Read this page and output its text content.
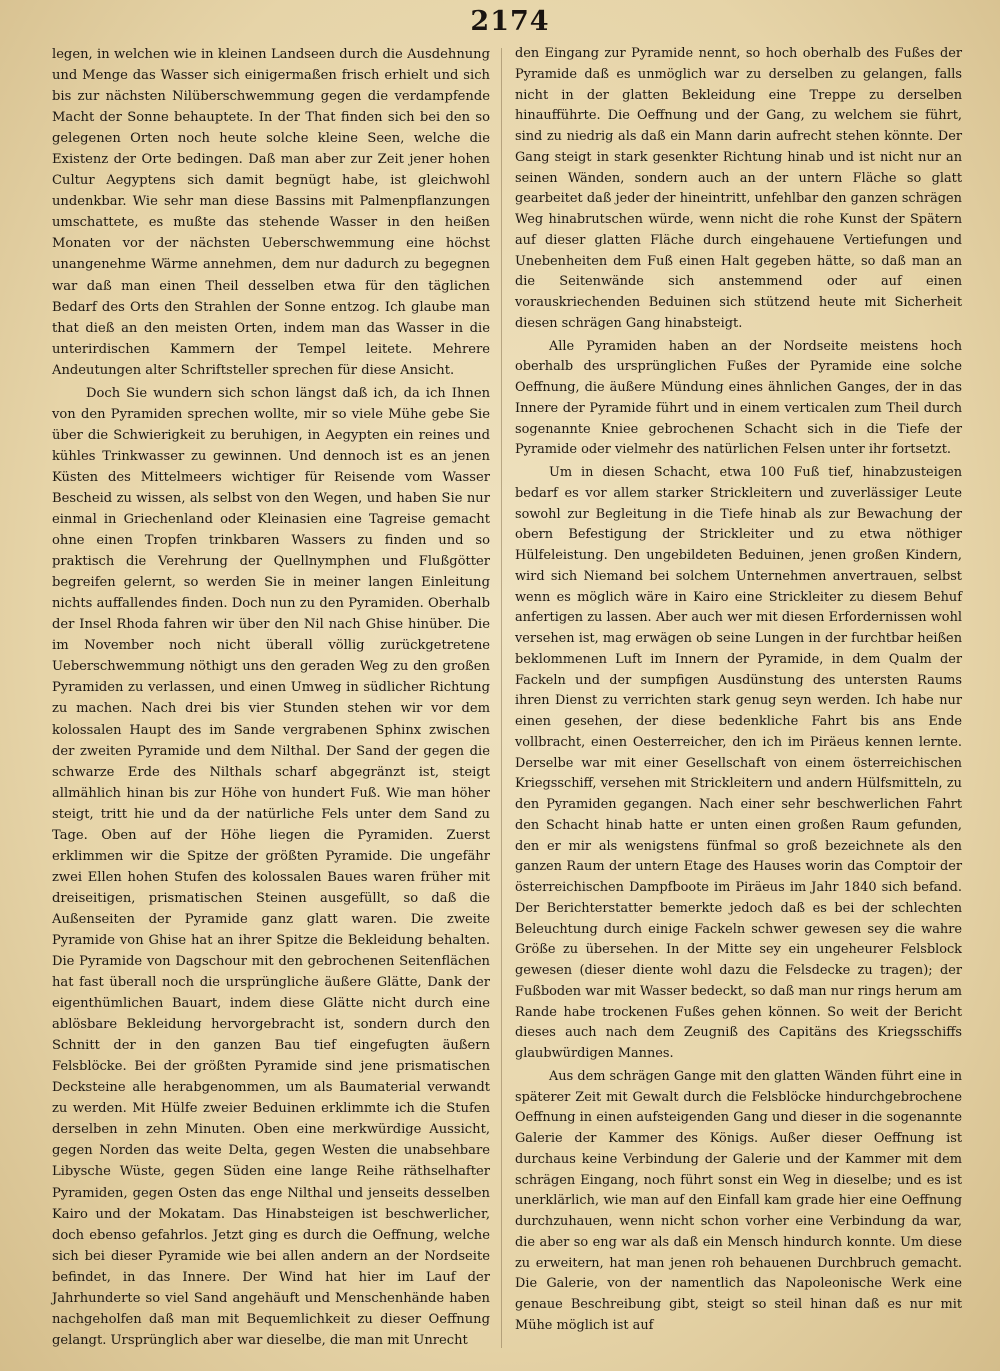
2174

legen, in welchen wie in kleinen Landseen durch die Ausdehnung und Menge das Wasser sich einigermaßen frisch erhielt und sich bis zur nächsten Nilüberschwemmung gegen die verdampfende Macht der Sonne behauptete. In der That finden sich bei den so gelegenen Orten noch heute solche kleine Seen, welche die Existenz der Orte bedingen. Daß man aber zur Zeit jener hohen Cultur Aegyptens sich damit begnügt habe, ist gleichwohl undenkbar. Wie sehr man diese Bassins mit Palmenpflanzungen umschattete, es mußte das stehende Wasser in den heißen Monaten vor der nächsten Ueberschwemmung eine höchst unangenehme Wärme annehmen, dem nur dadurch zu begegnen war daß man einen Theil desselben etwa für den täglichen Bedarf des Orts den Strahlen der Sonne entzog. Ich glaube man that dieß an den meisten Orten, indem man das Wasser in die unterirdischen Kammern der Tempel leitete. Mehrere Andeutungen alter Schriftsteller sprechen für diese Ansicht.

Doch Sie wundern sich schon längst daß ich, da ich Ihnen von den Pyramiden sprechen wollte, mir so viele Mühe gebe Sie über die Schwierigkeit zu beruhigen, in Aegypten ein reines und kühles Trinkwasser zu gewinnen. Und dennoch ist es an jenen Küsten des Mittelmeers wichtiger für Reisende vom Wasser Bescheid zu wissen, als selbst von den Wegen, und haben Sie nur einmal in Griechenland oder Kleinasien eine Tagreise gemacht ohne einen Tropfen trinkbaren Wassers zu finden und so praktisch die Verehrung der Quellnymphen und Flußgötter begreifen gelernt, so werden Sie in meiner langen Einleitung nichts auffallendes finden. Doch nun zu den Pyramiden. Oberhalb der Insel Rhoda fahren wir über den Nil nach Ghise hinüber. Die im November noch nicht überall völlig zurückgetretene Ueberschwemmung nöthigt uns den geraden Weg zu den großen Pyramiden zu verlassen, und einen Umweg in südlicher Richtung zu machen. Nach drei bis vier Stunden stehen wir vor dem kolossalen Haupt des im Sande vergrabenen Sphinx zwischen der zweiten Pyramide und dem Nilthal. Der Sand der gegen die schwarze Erde des Nilthals scharf abgegränzt ist, steigt allmählich hinan bis zur Höhe von hundert Fuß. Wie man höher steigt, tritt hie und da der natürliche Fels unter dem Sand zu Tage. Oben auf der Höhe liegen die Pyramiden. Zuerst erklimmen wir die Spitze der größten Pyramide. Die ungefähr zwei Ellen hohen Stufen des kolossalen Baues waren früher mit dreiseitigen, prismatischen Steinen ausgefüllt, so daß die Außenseiten der Pyramide ganz glatt waren. Die zweite Pyramide von Ghise hat an ihrer Spitze die Bekleidung behalten. Die Pyramide von Dagschour mit den gebrochenen Seitenflächen hat fast überall noch die ursprüngliche äußere Glätte, Dank der eigenthümlichen Bauart, indem diese Glätte nicht durch eine ablösbare Bekleidung hervorgebracht ist, sondern durch den Schnitt der in den ganzen Bau tief eingefugten äußern Felsblöcke. Bei der größten Pyramide sind jene prismatischen Decksteine alle herabgenommen, um als Baumaterial verwandt zu werden. Mit Hülfe zweier Beduinen erklimmte ich die Stufen derselben in zehn Minuten. Oben eine merkwürdige Aussicht, gegen Norden das weite Delta, gegen Westen die unabsehbare Libysche Wüste, gegen Süden eine lange Reihe räthselhafter Pyramiden, gegen Osten das enge Nilthal und jenseits desselben Kairo und der Mokatam. Das Hinabsteigen ist beschwerlicher, doch ebenso gefahrlos. Jetzt ging es durch die Oeffnung, welche sich bei dieser Pyramide wie bei allen andern an der Nordseite befindet, in das Innere. Der Wind hat hier im Lauf der Jahrhunderte so viel Sand angehäuft und Menschenhände haben nachgeholfen daß man mit Bequemlichkeit zu dieser Oeffnung gelangt. Ursprünglich aber war dieselbe, die man mit Unrecht

den Eingang zur Pyramide nennt, so hoch oberhalb des Fußes der Pyramide daß es unmöglich war zu derselben zu gelangen, falls nicht in der glatten Bekleidung eine Treppe zu derselben hinaufführte. Die Oeffnung und der Gang, zu welchem sie führt, sind zu niedrig als daß ein Mann darin aufrecht stehen könnte. Der Gang steigt in stark gesenkter Richtung hinab und ist nicht nur an seinen Wänden, sondern auch an der untern Fläche so glatt gearbeitet daß jeder der hineintritt, unfehlbar den ganzen schrägen Weg hinabrutschen würde, wenn nicht die rohe Kunst der Spätern auf dieser glatten Fläche durch eingehauene Vertiefungen und Unebenheiten dem Fuß einen Halt gegeben hätte, so daß man an die Seitenwände sich anstemmend oder auf einen vorauskriechenden Beduinen sich stützend heute mit Sicherheit diesen schrägen Gang hinabsteigt.

Alle Pyramiden haben an der Nordseite meistens hoch oberhalb des ursprünglichen Fußes der Pyramide eine solche Oeffnung, die äußere Mündung eines ähnlichen Ganges, der in das Innere der Pyramide führt und in einem verticalen zum Theil durch sogenannte Kniee gebrochenen Schacht sich in die Tiefe der Pyramide oder vielmehr des natürlichen Felsen unter ihr fortsetzt.

Um in diesen Schacht, etwa 100 Fuß tief, hinabzusteigen bedarf es vor allem starker Strickleitern und zuverlässiger Leute sowohl zur Begleitung in die Tiefe hinab als zur Bewachung der obern Befestigung der Strickleiter und zu etwa nöthiger Hülfeleistung. Den ungebildeten Beduinen, jenen großen Kindern, wird sich Niemand bei solchem Unternehmen anvertrauen, selbst wenn es möglich wäre in Kairo eine Strickleiter zu diesem Behuf anfertigen zu lassen. Aber auch wer mit diesen Erfordernissen wohl versehen ist, mag erwägen ob seine Lungen in der furchtbar heißen beklommenen Luft im Innern der Pyramide, in dem Qualm der Fackeln und der sumpfigen Ausdünstung des untersten Raums ihren Dienst zu verrichten stark genug seyn werden. Ich habe nur einen gesehen, der diese bedenkliche Fahrt bis ans Ende vollbracht, einen Oesterreicher, den ich im Piräeus kennen lernte. Derselbe war mit einer Gesellschaft von einem österreichischen Kriegsschiff, versehen mit Strickleitern und andern Hülfsmitteln, zu den Pyramiden gegangen. Nach einer sehr beschwerlichen Fahrt den Schacht hinab hatte er unten einen großen Raum gefunden, den er mir als wenigstens fünfmal so groß bezeichnete als den ganzen Raum der untern Etage des Hauses worin das Comptoir der österreichischen Dampfboote im Piräeus im Jahr 1840 sich befand. Der Berichterstatter bemerkte jedoch daß es bei der schlechten Beleuchtung durch einige Fackeln schwer gewesen sey die wahre Größe zu übersehen. In der Mitte sey ein ungeheurer Felsblock gewesen (dieser diente wohl dazu die Felsdecke zu tragen); der Fußboden war mit Wasser bedeckt, so daß man nur rings herum am Rande habe trockenen Fußes gehen können. So weit der Bericht dieses auch nach dem Zeugniß des Capitäns des Kriegsschiffs glaubwürdigen Mannes.

Aus dem schrägen Gange mit den glatten Wänden führt eine in späterer Zeit mit Gewalt durch die Felsblöcke hindurchgebrochene Oeffnung in einen aufsteigenden Gang und dieser in die sogenannte Galerie der Kammer des Königs. Außer dieser Oeffnung ist durchaus keine Verbindung der Galerie und der Kammer mit dem schrägen Eingang, noch führt sonst ein Weg in dieselbe; und es ist unerklärlich, wie man auf den Einfall kam grade hier eine Oeffnung durchzuhauen, wenn nicht schon vorher eine Verbindung da war, die aber so eng war als daß ein Mensch hindurch konnte. Um diese zu erweitern, hat man jenen roh behauenen Durchbruch gemacht. Die Galerie, von der namentlich das Napoleonische Werk eine genaue Beschreibung gibt, steigt so steil hinan daß es nur mit Mühe möglich ist auf
